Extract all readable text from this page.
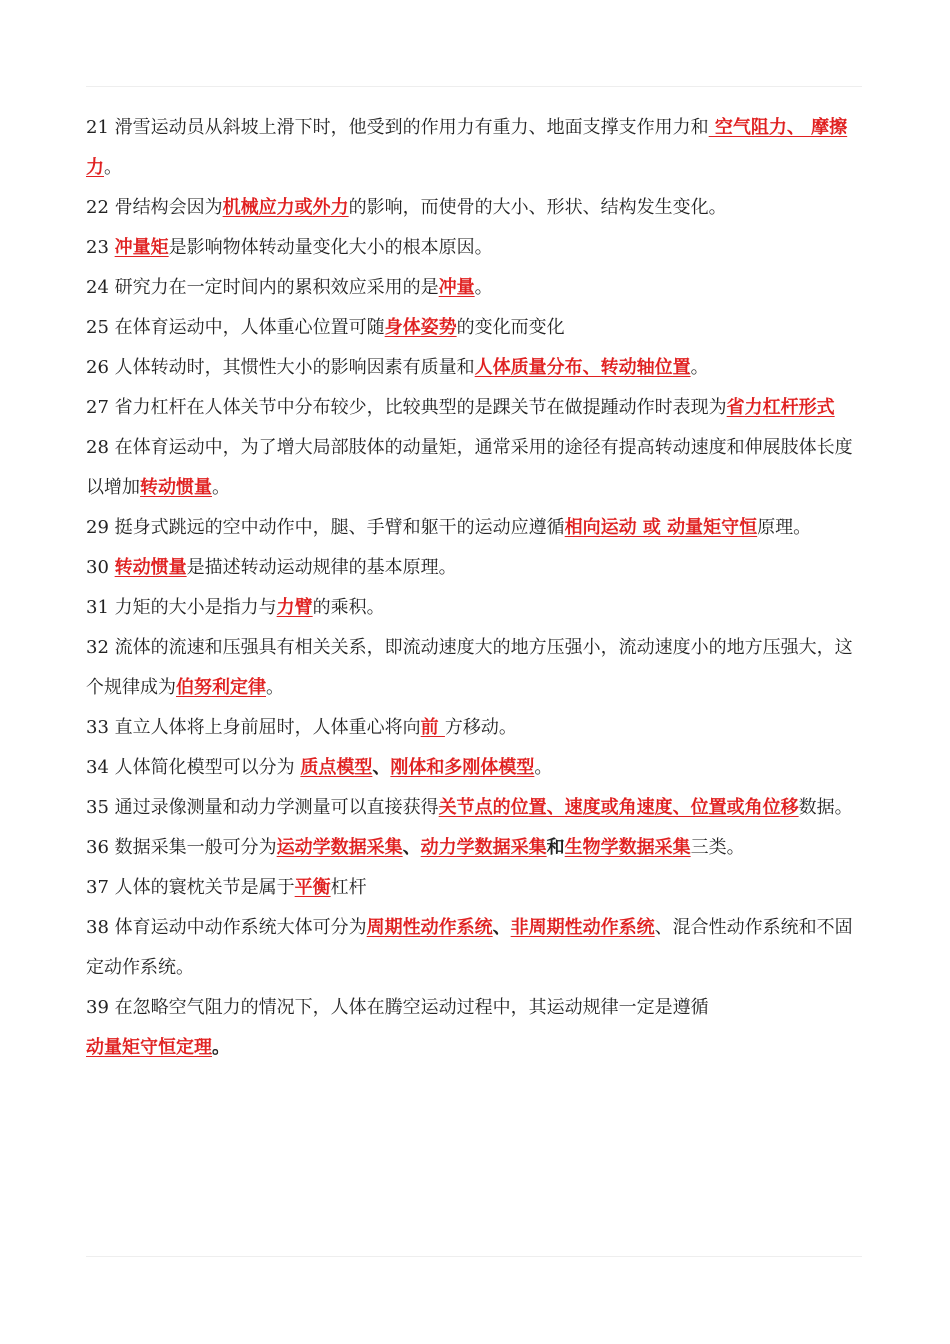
21 滑雪运动员从斜坡上滑下时，他受到的作用力有重力、地面支撑支作用力和 空气阻力、 摩擦力。
22 骨结构会因为机械应力或外力的影响，而使骨的大小、形状、结构发生变化。
23 冲量矩是影响物体转动量变化大小的根本原因。
24 研究力在一定时间内的累积效应采用的是冲量。
25 在体育运动中，人体重心位置可随身体姿势的变化而变化
26 人体转动时，其惯性大小的影响因素有质量和人体质量分布、转动轴位置。
27 省力杠杆在人体关节中分布较少，比较典型的是踝关节在做提踵动作时表现为省力杠杆形式
28 在体育运动中，为了增大局部肢体的动量矩，通常采用的途径有提高转动速度和伸展肢体长度以增加转动惯量。
29 挺身式跳远的空中动作中，腿、手臂和躯干的运动应遵循相向运动 或 动量矩守恒原理。
30 转动惯量是描述转动运动规律的基本原理。
31 力矩的大小是指力与力臂的乘积。
32 流体的流速和压强具有相关关系，即流动速度大的地方压强小，流动速度小的地方压强大，这个规律成为伯努利定律。
33 直立人体将上身前屈时，人体重心将向前 方移动。
34 人体简化模型可以分为 质点模型、刚体和多刚体模型。
35 通过录像测量和动力学测量可以直接获得关节点的位置、速度或角速度、位置或角位移数据。
36 数据采集一般可分为运动学数据采集、动力学数据采集和生物学数据采集三类。
37 人体的寰枕关节是属于平衡杠杆
38 体育运动中动作系统大体可分为周期性动作系统、非周期性动作系统、混合性动作系统和不固定动作系统。
39 在忽略空气阻力的情况下，人体在腾空运动过程中，其运动规律一定是遵循
动量矩守恒定理。
